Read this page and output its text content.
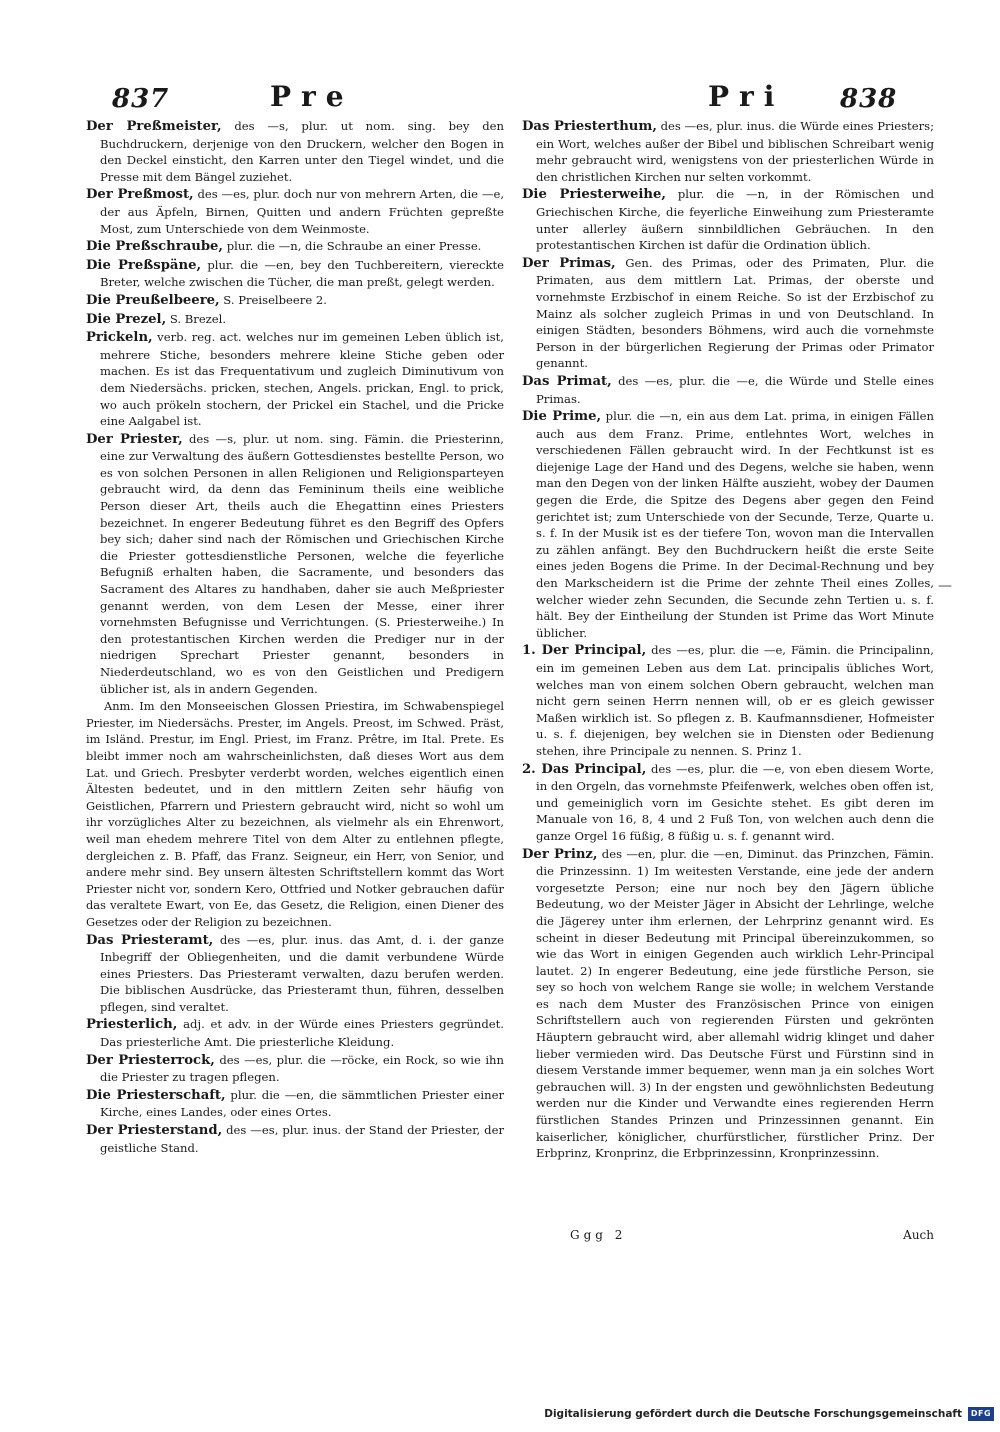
837	Pre	Pri 838

Der Preßmeister, des —s, plur. ut nom. sing. bey den Buchdruckern, derjenige von den Druckern, welcher den Bogen in den Deckel einsticht, den Karren unter den Tiegel windet, und die Presse mit dem Bängel zuziehet.

Der Preßmost, des —es, plur. doch nur von mehrern Arten, die —e, der aus Äpfeln, Birnen, Quitten und andern Früchten gepreßte Most, zum Unterschiede von dem Weinmoste.

Die Preßschraube, plur. die —n, die Schraube an einer Presse.

Die Preßspäne, plur. die —en, bey den Tuchbereitern, viereckte Breter, welche zwischen die Tücher, die man preßt, gelegt werden.

Die Preußelbeere, S. Preiselbeere 2.

Die Prezel, S. Brezel.

Prickeln, verb. reg. act. welches nur im gemeinen Leben üblich ist, mehrere Stiche, besonders mehrere kleine Stiche geben oder machen. Es ist das Frequentativum und zugleich Diminutivum von dem Niedersächs. pricken, stechen, Angels. prickan, Engl. to prick, wo auch prökeln stochern, der Prickel ein Stachel, und die Pricke eine Aalgabel ist.

Der Priester, des —s, plur. ut nom. sing. Fämin. die Priesterinn, eine zur Verwaltung des äußern Gottesdienstes bestellte Person, wo es von solchen Personen in allen Religionen und Religionsparteyen gebraucht wird, da denn das Femininum theils eine weibliche Person dieser Art, theils auch die Ehegattinn eines Priesters bezeichnet. In engerer Bedeutung führet es den Begriff des Opfers bey sich; daher sind nach der Römischen und Griechischen Kirche die Priester gottesdienstliche Personen, welche die feyerliche Befugniß erhalten haben, die Sacramente, und besonders das Sacrament des Altares zu handhaben, daher sie auch Meßpriester genannt werden, von dem Lesen der Messe, einer ihrer vornehmsten Befugnisse und Verrichtungen. (S. Priesterweihe.) In den protestantischen Kirchen werden die Prediger nur in der niedrigen Sprechart Priester genannt, besonders in Niederdeutschland, wo es von den Geistlichen und Predigern üblicher ist, als in andern Gegenden.

Anm. Im den Monseeischen Glossen Priestira, im Schwabenspiegel Priester, im Niedersächs. Prester, im Angels. Preost, im Schwed. Präst, im Isländ. Prestur, im Engl. Priest, im Franz. Prêtre, im Ital. Prete. Es bleibt immer noch am wahrscheinlichsten, daß dieses Wort aus dem Lat. und Griech. Presbyter verderbt worden, welches eigentlich einen Ältesten bedeutet, und in den mittlern Zeiten sehr häufig von Geistlichen, Pfarrern und Priestern gebraucht wird, nicht so wohl um ihr vorzügliches Alter zu bezeichnen, als vielmehr als ein Ehrenwort, weil man ehedem mehrere Titel von dem Alter zu entlehnen pflegte, dergleichen z. B. Pfaff, das Franz. Seigneur, ein Herr, von Senior, und andere mehr sind. Bey unsern ältesten Schriftstellern kommt das Wort Priester nicht vor, sondern Kero, Ottfried und Notker gebrauchen dafür das veraltete Ewart, von Ee, das Gesetz, die Religion, einen Diener des Gesetzes oder der Religion zu bezeichnen.

Das Priesteramt, des —es, plur. inus. das Amt, d. i. der ganze Inbegriff der Obliegenheiten, und die damit verbundene Würde eines Priesters. Das Priesteramt verwalten, dazu berufen werden. Die biblischen Ausdrücke, das Priesteramt thun, führen, desselben pflegen, sind veraltet.

Priesterlich, adj. et adv. in der Würde eines Priesters gegründet. Das priesterliche Amt. Die priesterliche Kleidung.

Der Priesterrock, des —es, plur. die —röcke, ein Rock, so wie ihn die Priester zu tragen pflegen.

Die Priesterschaft, plur. die —en, die sämmtlichen Priester einer Kirche, eines Landes, oder eines Ortes.

Der Priesterstand, des —es, plur. inus. der Stand der Priester, der geistliche Stand.

Das Priesterthum, des —es, plur. inus. die Würde eines Priesters; ein Wort, welches außer der Bibel und biblischen Schreibart wenig mehr gebraucht wird, wenigstens von der priesterlichen Würde in den christlichen Kirchen nur selten vorkommt.

Die Priesterweihe, plur. die —n, in der Römischen und Griechischen Kirche, die feyerliche Einweihung zum Priesteramte unter allerley äußern sinnbildlichen Gebräuchen. In den protestantischen Kirchen ist dafür die Ordination üblich.

Der Primas, Gen. des Primas, oder des Primaten, Plur. die Primaten, aus dem mittlern Lat. Primas, der oberste und vornehmste Erzbischof in einem Reiche. So ist der Erzbischof zu Mainz als solcher zugleich Primas in und von Deutschland. In einigen Städten, besonders Böhmens, wird auch die vornehmste Person in der bürgerlichen Regierung der Primas oder Primator genannt.

Das Primat, des —es, plur. die —e, die Würde und Stelle eines Primas.

Die Prime, plur. die —n, ein aus dem Lat. prima, in einigen Fällen auch aus dem Franz. Prime, entlehntes Wort, welches in verschiedenen Fällen gebraucht wird. In der Fechtkunst ist es diejenige Lage der Hand und des Degens, welche sie haben, wenn man den Degen von der linken Hälfte auszieht, wobey der Daumen gegen die Erde, die Spitze des Degens aber gegen den Feind gerichtet ist; zum Unterschiede von der Secunde, Terze, Quarte u. s. f. In der Musik ist es der tiefere Ton, wovon man die Intervallen zu zählen anfängt. Bey den Buchdruckern heißt die erste Seite eines jeden Bogens die Prime. In der Decimal-Rechnung und bey den Markscheidern ist die Prime der zehnte Theil eines Zolles, welcher wieder zehn Secunden, die Secunde zehn Tertien u. s. f. hält. Bey der Eintheilung der Stunden ist Prime das Wort Minute üblicher.

1. Der Principal, des —es, plur. die —e, Fämin. die Principalinn, ein im gemeinen Leben aus dem Lat. principalis übliches Wort, welches man von einem solchen Obern gebraucht, welchen man nicht gern seinen Herrn nennen will, ob er es gleich gewisser Maßen wirklich ist. So pflegen z. B. Kaufmannsdiener, Hofmeister u. s. f. diejenigen, bey welchen sie in Diensten oder Bedienung stehen, ihre Principale zu nennen. S. Prinz 1.

2. Das Principal, des —es, plur. die —e, von eben diesem Worte, in den Orgeln, das vornehmste Pfeifenwerk, welches oben offen ist, und gemeiniglich vorn im Gesichte stehet. Es gibt deren im Manuale von 16, 8, 4 und 2 Fuß Ton, von welchen auch denn die ganze Orgel 16 füßig, 8 füßig u. s. f. genannt wird.

Der Prinz, des —en, plur. die —en, Diminut. das Prinzchen, Fämin. die Prinzessinn. 1) Im weitesten Verstande, eine jede der andern vorgesetzte Person; eine nur noch bey den Jägern übliche Bedeutung, wo der Meister Jäger in Absicht der Lehrlinge, welche die Jägerey unter ihm erlernen, der Lehrprinz genannt wird. Es scheint in dieser Bedeutung mit Principal übereinzukommen, so wie das Wort in einigen Gegenden auch wirklich Lehr-Principal lautet. 2) In engerer Bedeutung, eine jede fürstliche Person, sie sey so hoch von welchem Range sie wolle; in welchem Verstande es nach dem Muster des Französischen Prince von einigen Schriftstellern auch von regierenden Fürsten und gekrönten Häuptern gebraucht wird, aber allemahl widrig klinget und daher lieber vermieden wird. Das Deutsche Fürst und Fürstinn sind in diesem Verstande immer bequemer, wenn man ja ein solches Wort gebrauchen will. 3) In der engsten und gewöhnlichsten Bedeutung werden nur die Kinder und Verwandte eines regierenden Herrn fürstlichen Standes Prinzen und Prinzessinnen genannt. Ein kaiserlicher, königlicher, churfürstlicher, fürstlicher Prinz. Der Erbprinz, Kronprinz, die Erbprinzessinn, Kronprinzessinn.

—
Ggg 2	Auch
Digitalisierung gefördert durch die Deutsche Forschungsgemeinschaft	DFG
